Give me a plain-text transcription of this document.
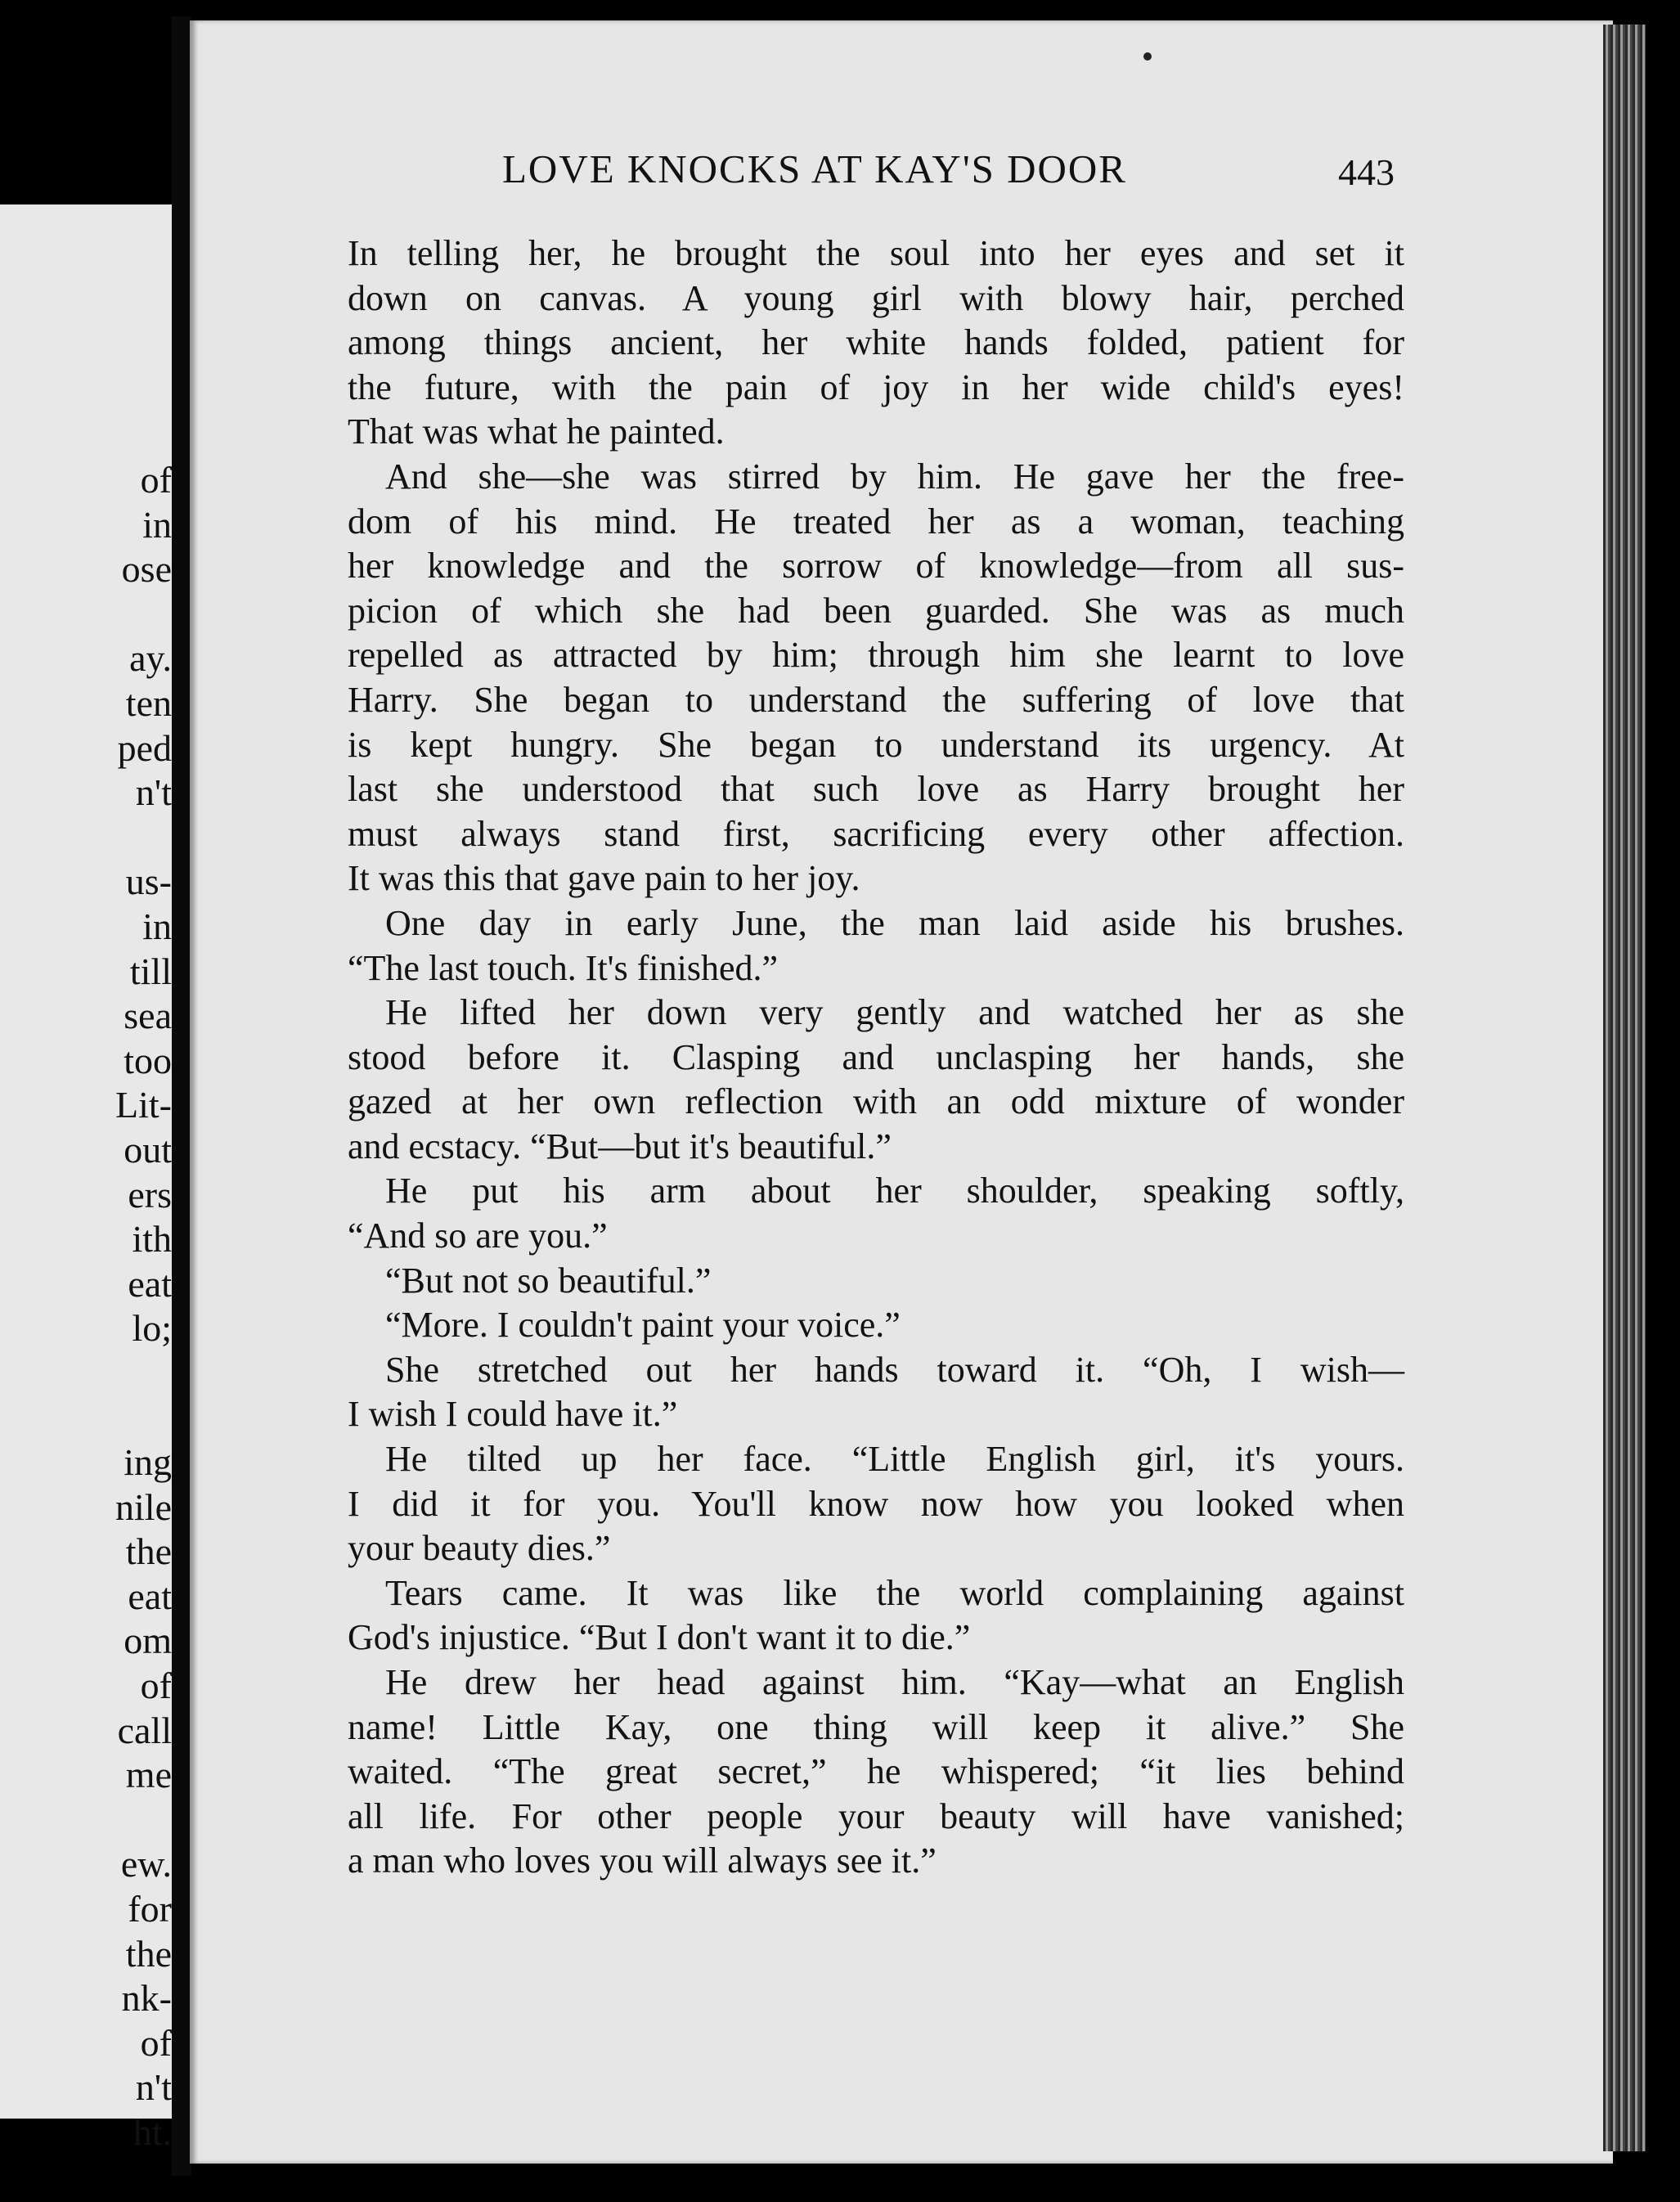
of
in
ose
ay.
ten
ped
n't
us-
in
till
sea
too
Lit-
out
ers
ith
eat
lo;
ing
nile
the
eat
om
of
call
me
ew.
for
the
nk-
of
n't
ht.
LOVE KNOCKS AT KAY'S DOOR	443
In telling her, he brought the soul into her eyes and set it
down on canvas. A young girl with blowy hair, perched
among things ancient, her white hands folded, patient for
the future, with the pain of joy in her wide child's eyes!
That was what he painted.
And she—she was stirred by him. He gave her the free-
dom of his mind. He treated her as a woman, teaching
her knowledge and the sorrow of knowledge—from all sus-
picion of which she had been guarded. She was as much
repelled as attracted by him; through him she learnt to love
Harry. She began to understand the suffering of love that
is kept hungry. She began to understand its urgency. At
last she understood that such love as Harry brought her
must always stand first, sacrificing every other affection.
It was this that gave pain to her joy.
One day in early June, the man laid aside his brushes.
“The last touch. It's finished.”
He lifted her down very gently and watched her as she
stood before it. Clasping and unclasping her hands, she
gazed at her own reflection with an odd mixture of wonder
and ecstacy. “But—but it's beautiful.”
He put his arm about her shoulder, speaking softly,
“And so are you.”
“But not so beautiful.”
“More. I couldn't paint your voice.”
She stretched out her hands toward it. “Oh, I wish—
I wish I could have it.”
He tilted up her face. “Little English girl, it's yours.
I did it for you. You'll know now how you looked when
your beauty dies.”
Tears came. It was like the world complaining against
God's injustice. “But I don't want it to die.”
He drew her head against him. “Kay—what an English
name! Little Kay, one thing will keep it alive.” She
waited. “The great secret,” he whispered; “it lies behind
all life. For other people your beauty will have vanished;
a man who loves you will always see it.”
